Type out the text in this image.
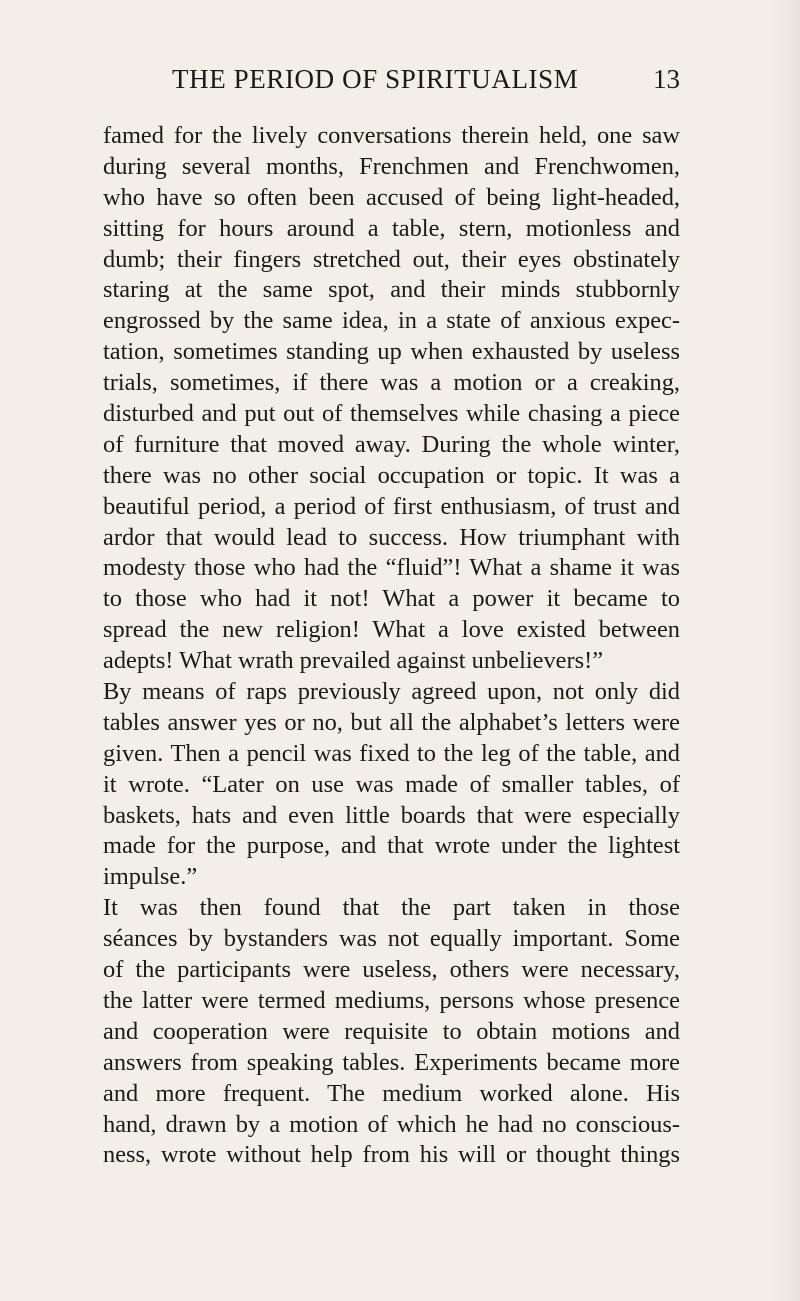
THE PERIOD OF SPIRITUALISM	13
famed for the lively conversations therein held, one saw
during several months, Frenchmen and Frenchwomen,
who have so often been accused of being light-headed,
sitting for hours around a table, stern, motionless and
dumb; their fingers stretched out, their eyes obstinately
staring at the same spot, and their minds stubbornly
engrossed by the same idea, in a state of anxious expec-
tation, sometimes standing up when exhausted by useless
trials, sometimes, if there was a motion or a creaking,
disturbed and put out of themselves while chasing a piece
of furniture that moved away. During the whole winter,
there was no other social occupation or topic. It was a
beautiful period, a period of first enthusiasm, of trust and
ardor that would lead to success. How triumphant with
modesty those who had the “fluid”! What a shame it was
to those who had it not! What a power it became to
spread the new religion! What a love existed between
adepts! What wrath prevailed against unbelievers!”
By means of raps previously agreed upon, not only did
tables answer yes or no, but all the alphabet’s letters were
given. Then a pencil was fixed to the leg of the table, and
it wrote. “Later on use was made of smaller tables, of
baskets, hats and even little boards that were especially
made for the purpose, and that wrote under the lightest
impulse.”
It was then found that the part taken in those
séances by bystanders was not equally important. Some
of the participants were useless, others were necessary,
the latter were termed mediums, persons whose presence
and cooperation were requisite to obtain motions and
answers from speaking tables. Experiments became more
and more frequent. The medium worked alone. His
hand, drawn by a motion of which he had no conscious-
ness, wrote without help from his will or thought things
